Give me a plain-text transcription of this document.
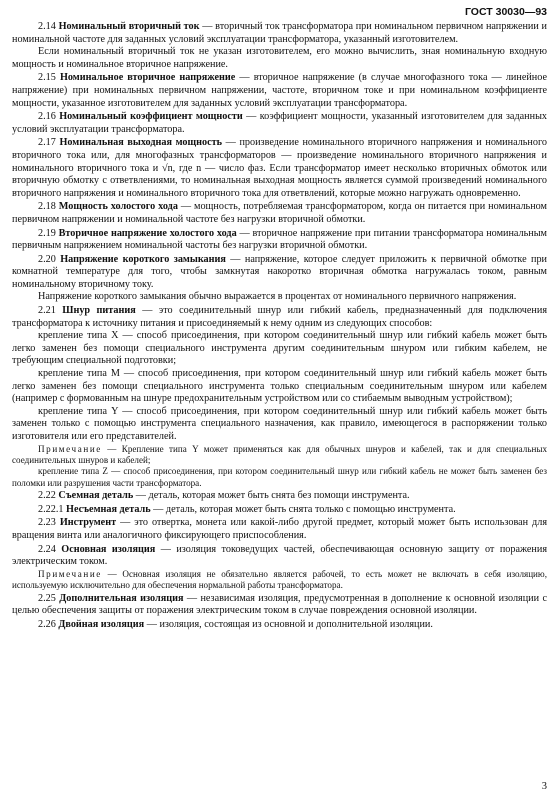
ГОСТ 30030—93

2.14 Номинальный вторичный ток — вторичный ток трансформатора при номинальном первичном напряжении и номинальной частоте для заданных условий эксплуатации трансформатора, указанный изготовителем.

Если номинальный вторичный ток не указан изготовителем, его можно вычислить, зная номинальную входную мощность и номинальное вторичное напряжение.

2.15 Номинальное вторичное напряжение — вторичное напряжение (в случае многофазного тока — линейное напряжение) при номинальных первичном напряжении, частоте, вторичном токе и при номинальном коэффициенте мощности, указанное изготовителем для заданных условий эксплуатации трансформатора.

2.16 Номинальный коэффициент мощности — коэффициент мощности, указанный изготовителем для заданных условий эксплуатации трансформатора.

2.17 Номинальная выходная мощность — произведение номинального вторичного напряжения и номинального вторичного тока или, для многофазных трансформаторов — произведение номинального вторичного напряжения и номинального вторичного тока и √n, где n — число фаз. Если трансформатор имеет несколько вторичных обмоток или вторичную обмотку с ответвлениями, то номинальная выходная мощность является суммой произведений номинального вторичного напряжения и номинального вторичного тока для ответвлений, которые можно нагружать одновременно.

2.18 Мощность холостого хода — мощность, потребляемая трансформатором, когда он питается при номинальном первичном напряжении и номинальной частоте без нагрузки вторичной обмотки.

2.19 Вторичное напряжение холостого хода — вторичное напряжение при питании трансформатора номинальным первичным напряжением номинальной частоты без нагрузки вторичной обмотки.

2.20 Напряжение короткого замыкания — напряжение, которое следует приложить к первичной обмотке при комнатной температуре для того, чтобы замкнутая накоротко вторичная обмотка нагружалась током, равным номинальному вторичному току.

Напряжение короткого замыкания обычно выражается в процентах от номинального первичного напряжения.

2.21 Шнур питания — это соединительный шнур или гибкий кабель, предназначенный для подключения трансформатора к источнику питания и присоединяемый к нему одним из следующих способов:

крепление типа X — способ присоединения, при котором соединительный шнур или гибкий кабель может быть легко заменен без помощи специального инструмента другим соединительным шнуром или гибким кабелем, не требующим специальной подготовки;

крепление типа M — способ присоединения, при котором соединительный шнур или гибкий кабель может быть легко заменен без помощи специального инструмента только специальным соединительным шнуром или кабелем (например с формованным на шнуре предохранительным устройством или со стибаемым выводным устройством);

крепление типа Y — способ присоединения, при котором соединительный шнур или гибкий кабель может быть заменен только с помощью инструмента специального назначения, как правило, имеющегося в распоряжении только изготовителя или его представителей.

Примечание — Крепление типа Y может применяться как для обычных шнуров и кабелей, так и для специальных соединительных шнуров и кабелей;

крепление типа Z — способ присоединения, при котором соединительный шнур или гибкий кабель не может быть заменен без поломки или разрушения части трансформатора.

2.22 Съемная деталь — деталь, которая может быть снята без помощи инструмента.

2.22.1 Несъемная деталь — деталь, которая может быть снята только с помощью инструмента.

2.23 Инструмент — это отвертка, монета или какой-либо другой предмет, который может быть использован для вращения винта или аналогичного фиксирующего приспособления.

2.24 Основная изоляция — изоляция токоведущих частей, обеспечивающая основную защиту от поражения электрическим током.

Примечание — Основная изоляция не обязательно является рабочей, то есть может не включать в себя изоляцию, используемую исключительно для обеспечения нормальной работы трансформатора.

2.25 Дополнительная изоляция — независимая изоляция, предусмотренная в дополнение к основной изоляции с целью обеспечения защиты от поражения электрическим током в случае повреждения основной изоляции.

2.26 Двойная изоляция — изоляция, состоящая из основной и дополнительной изоляции.

3
